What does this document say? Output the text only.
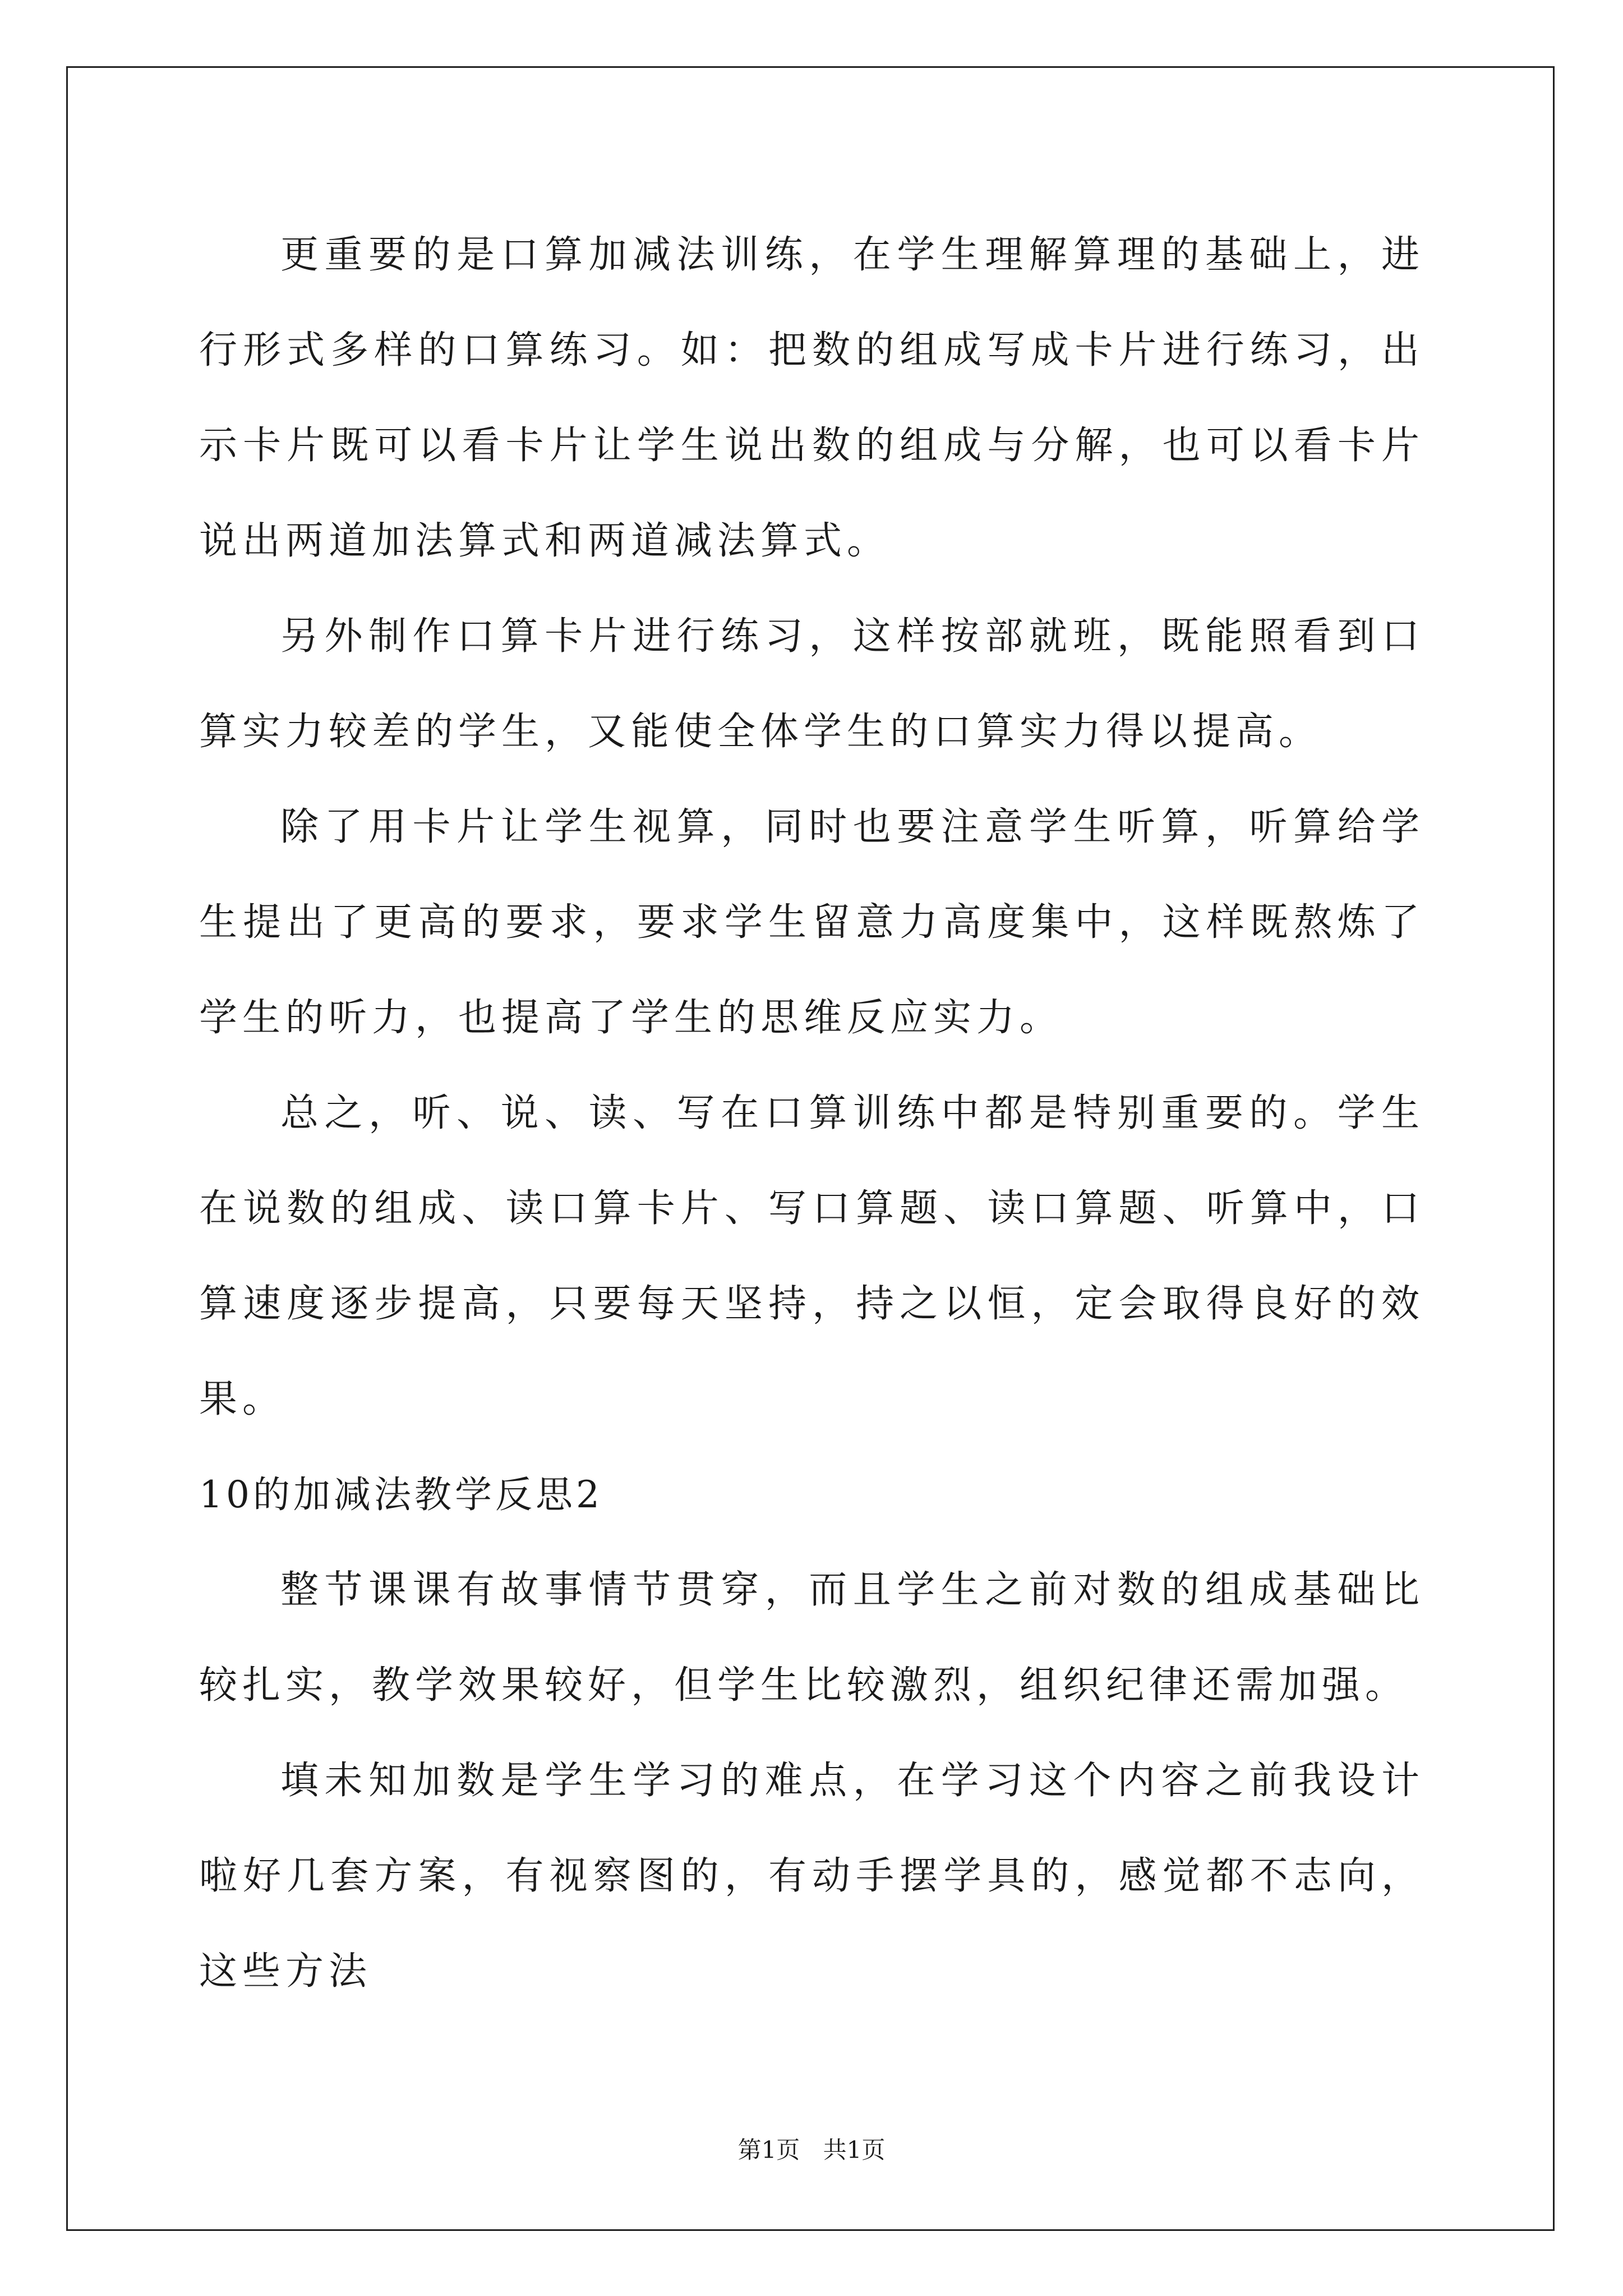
更重要的是口算加减法训练，在学生理解算理的基础上，进行形式多样的口算练习。如：把数的组成写成卡片进行练习，出示卡片既可以看卡片让学生说出数的组成与分解，也可以看卡片说出两道加法算式和两道减法算式。

另外制作口算卡片进行练习，这样按部就班，既能照看到口算实力较差的学生，又能使全体学生的口算实力得以提高。

除了用卡片让学生视算，同时也要注意学生听算，听算给学生提出了更高的要求，要求学生留意力高度集中，这样既熬炼了学生的听力，也提高了学生的思维反应实力。

总之，听、说、读、写在口算训练中都是特别重要的。学生在说数的组成、读口算卡片、写口算题、读口算题、听算中，口算速度逐步提高，只要每天坚持，持之以恒，定会取得良好的效果。

10的加减法教学反思2

整节课课有故事情节贯穿，而且学生之前对数的组成基础比较扎实，教学效果较好，但学生比较激烈，组织纪律还需加强。

填未知加数是学生学习的难点，在学习这个内容之前我设计啦好几套方案，有视察图的，有动手摆学具的，感觉都不志向，这些方法

第1页 共1页
